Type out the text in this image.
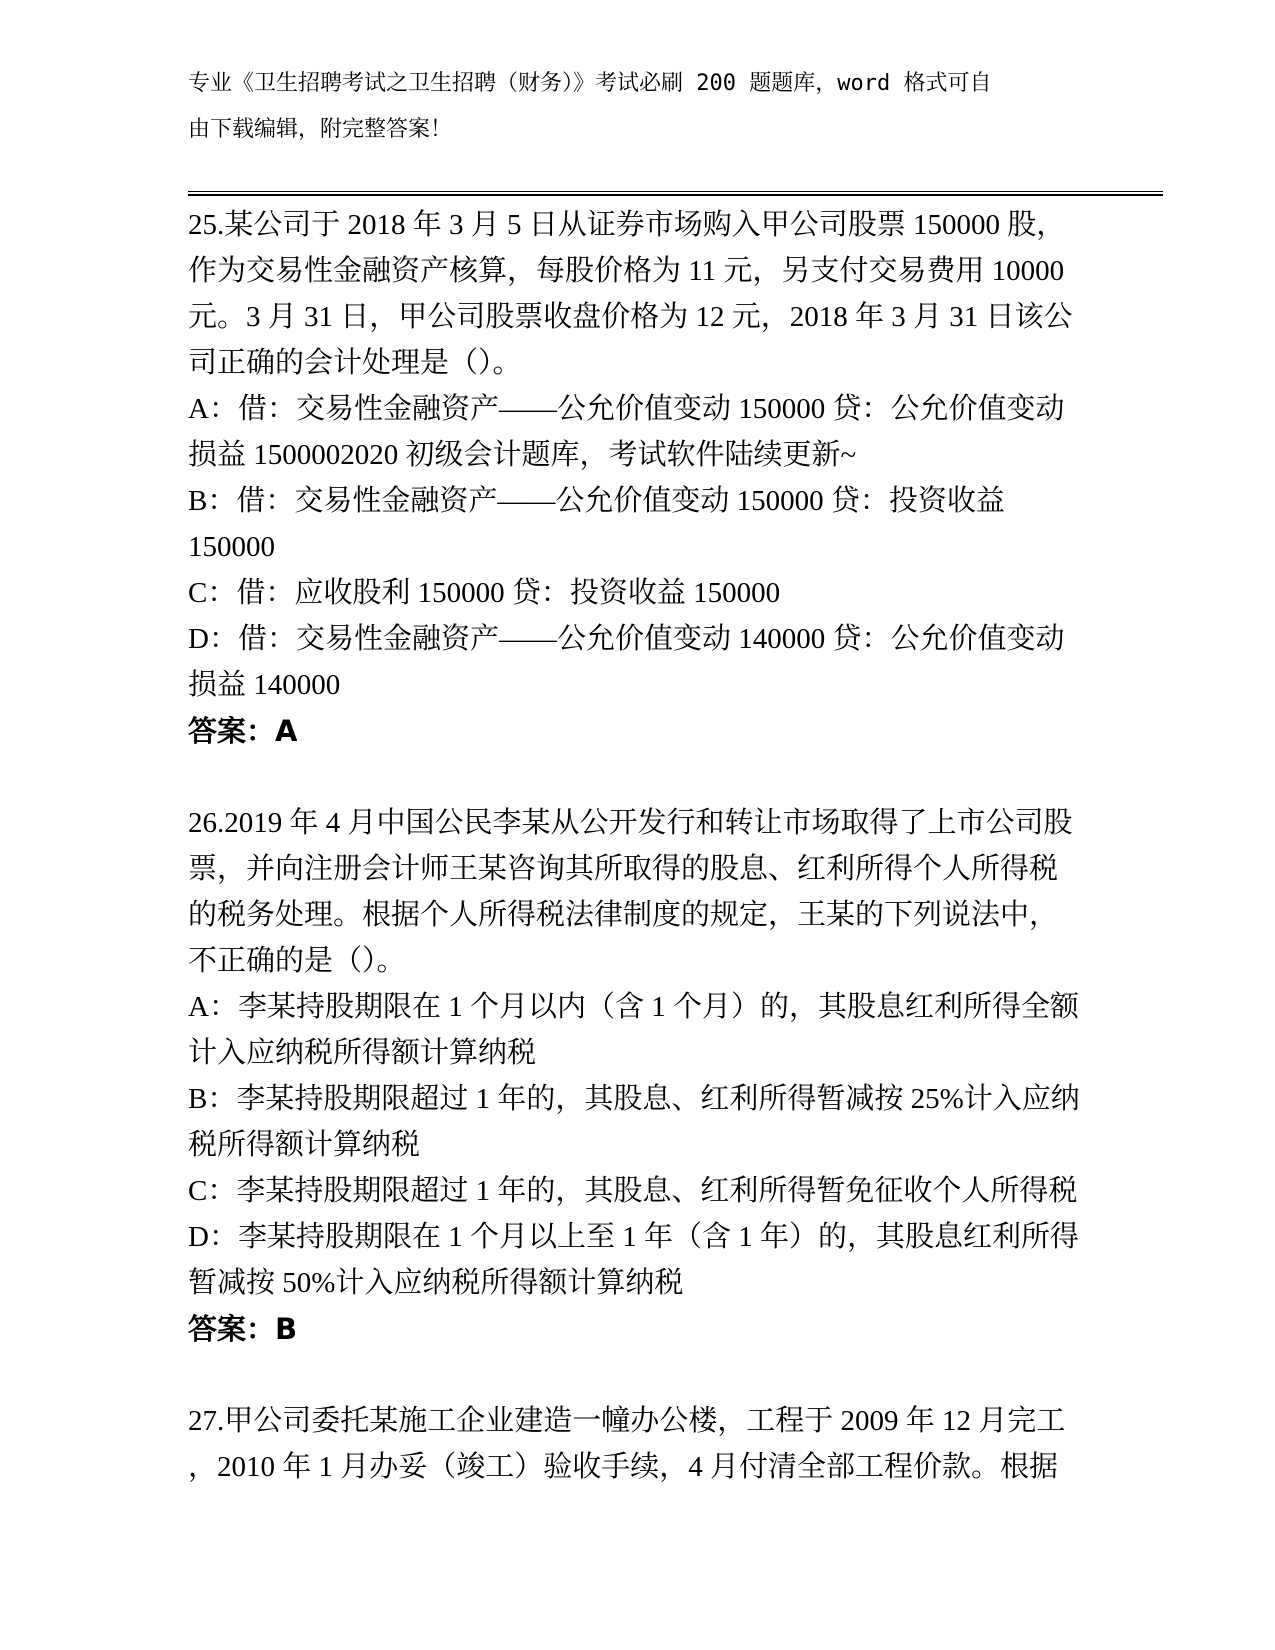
专业《卫生招聘考试之卫生招聘（财务）》考试必刷 200 题题库，word 格式可自
由下载编辑，附完整答案！
25.某公司于 2018 年 3 月 5 日从证券市场购入甲公司股票 150000 股，
作为交易性金融资产核算，每股价格为 11 元，另支付交易费用 10000
元。3 月 31 日，甲公司股票收盘价格为 12 元，2018 年 3 月 31 日该公
司正确的会计处理是（）。
A：借：交易性金融资产——公允价值变动 150000 贷：公允价值变动
损益 1500002020 初级会计题库，考试软件陆续更新~
B：借：交易性金融资产——公允价值变动 150000 贷：投资收益
150000
C：借：应收股利 150000 贷：投资收益 150000
D：借：交易性金融资产——公允价值变动 140000 贷：公允价值变动
损益 140000
答案：A
26.2019 年 4 月中国公民李某从公开发行和转让市场取得了上市公司股
票，并向注册会计师王某咨询其所取得的股息、红利所得个人所得税
的税务处理。根据个人所得税法律制度的规定，王某的下列说法中，
不正确的是（）。
A：李某持股期限在 1 个月以内（含 1 个月）的，其股息红利所得全额
计入应纳税所得额计算纳税
B：李某持股期限超过 1 年的，其股息、红利所得暂减按 25%计入应纳
税所得额计算纳税
C：李某持股期限超过 1 年的，其股息、红利所得暂免征收个人所得税
D：李某持股期限在 1 个月以上至 1 年（含 1 年）的，其股息红利所得
暂减按 50%计入应纳税所得额计算纳税
答案：B
27.甲公司委托某施工企业建造一幢办公楼，工程于 2009 年 12 月完工
，2010 年 1 月办妥（竣工）验收手续，4 月付清全部工程价款。根据
